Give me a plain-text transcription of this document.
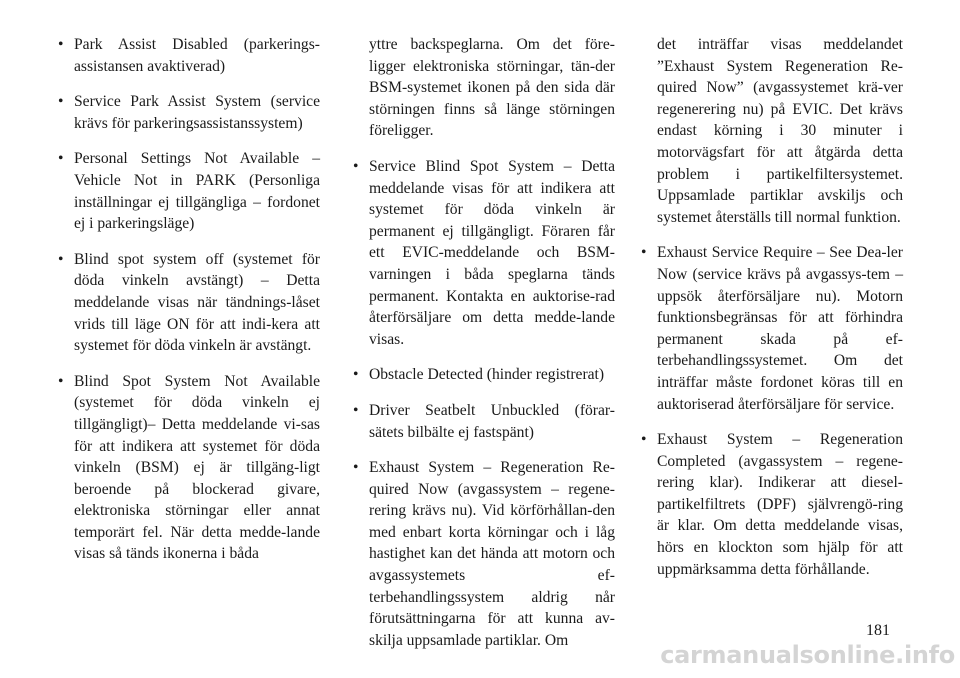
• Park Assist Disabled (parkerings-assistansen avaktiverad)
• Service Park Assist System (service krävs för parkeringsassistanssystem)
• Personal Settings Not Available – Vehicle Not in PARK (Personliga inställningar ej tillgängliga – fordonet ej i parkeringsläge)
• Blind spot system off (systemet för döda vinkeln avstängt) – Detta meddelande visas när tändnings-låset vrids till läge ON för att indi-kera att systemet för döda vinkeln är avstängt.
• Blind Spot System Not Available (systemet för döda vinkeln ej tillgängligt)– Detta meddelande vi-sas för att indikera att systemet för döda vinkeln (BSM) ej är tillgäng-ligt beroende på blockerad givare, elektroniska störningar eller annat temporärt fel. När detta medde-lande visas så tänds ikonerna i båda
yttre backspeglarna. Om det före-ligger elektroniska störningar, tän-der BSM-systemet ikonen på den sida där störningen finns så länge störningen föreligger.
• Service Blind Spot System – Detta meddelande visas för att indikera att systemet för döda vinkeln är permanent ej tillgängligt. Föraren får ett EVIC-meddelande och BSM-varningen i båda speglarna tänds permanent. Kontakta en auktorise-rad återförsäljare om detta medde-lande visas.
• Obstacle Detected (hinder registrerat)
• Driver Seatbelt Unbuckled (förar-sätets bilbälte ej fastspänt)
• Exhaust System – Regeneration Re-quired Now (avgassystem – regene-rering krävs nu). Vid körförhållan-den med enbart korta körningar och i låg hastighet kan det hända att motorn och avgassystemets ef-terbehandlingssystem aldrig når förutsättningarna för att kunna av-skilja uppsamlade partiklar. Om
det inträffar visas meddelandet ”Exhaust System Regeneration Re-quired Now” (avgassystemet krä-ver regenerering nu) på EVIC. Det krävs endast körning i 30 minuter i motorvägsfart för att åtgärda detta problem i partikelfiltersystemet. Uppsamlade partiklar avskiljs och systemet återställs till normal funktion.
• Exhaust Service Require – See Dea-ler Now (service krävs på avgassys-tem – uppsök återförsäljare nu). Motorn funktionsbegränsas för att förhindra permanent skada på ef-terbehandlingssystemet. Om det inträffar måste fordonet köras till en auktoriserad återförsäljare för service.
• Exhaust System – Regeneration Completed (avgassystem – regene-rering klar). Indikerar att diesel-partikelfiltrets (DPF) självrengö-ring är klar. Om detta meddelande visas, hörs en klockton som hjälp för att uppmärksamma detta förhållande.
181
carmanualsonline.info
